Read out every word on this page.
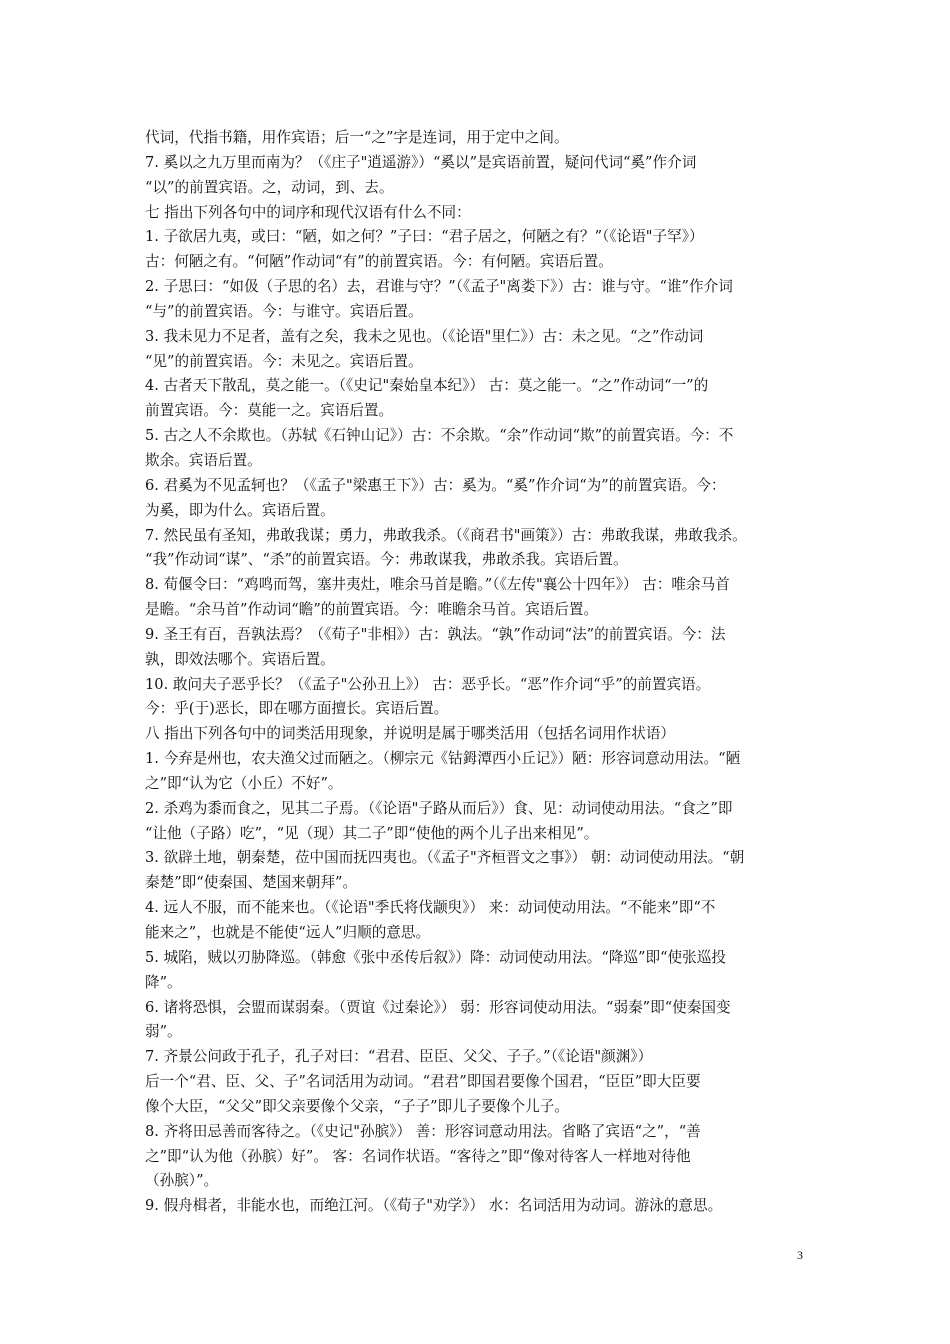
代词，代指书籍，用作宾语；后一“之”字是连词，用于定中之间。
7. 奚以之九万里而南为？（《庄子"逍遥游》）“奚以”是宾语前置，疑问代词“奚”作介词
“以”的前置宾语。之，动词，到、去。
七 指出下列各句中的词序和现代汉语有什么不同：
1. 子欲居九夷，或曰：“陋，如之何？”子曰：“君子居之，何陋之有？”（《论语"子罕》）
古：何陋之有。“何陋”作动词“有”的前置宾语。今：有何陋。宾语后置。
2. 子思曰：“如伋（子思的名）去，君谁与守？”（《孟子"离娄下》）古：谁与守。“谁”作介词
“与”的前置宾语。今：与谁守。宾语后置。
3. 我未见力不足者，盖有之矣，我未之见也。（《论语"里仁》）古：未之见。“之”作动词
“见”的前置宾语。今：未见之。宾语后置。
4. 古者天下散乱，莫之能一。（《史记"秦始皇本纪》） 古：莫之能一。“之”作动词“一”的
前置宾语。今：莫能一之。宾语后置。
5. 古之人不余欺也。（苏轼《石钟山记》）古：不余欺。“余”作动词“欺”的前置宾语。今：不
欺余。宾语后置。
6. 君奚为不见孟轲也？（《孟子"梁惠王下》）古：奚为。“奚”作介词“为”的前置宾语。今：
为奚，即为什么。宾语后置。
7. 然民虽有圣知，弗敢我谋；勇力，弗敢我杀。（《商君书"画策》）古：弗敢我谋，弗敢我杀。
“我”作动词“谋”、“杀”的前置宾语。今：弗敢谋我，弗敢杀我。宾语后置。
8. 荀偃令曰：“鸡鸣而驾，塞井夷灶，唯余马首是瞻。”（《左传"襄公十四年》） 古：唯余马首
是瞻。“余马首”作动词“瞻”的前置宾语。今：唯瞻余马首。宾语后置。
9. 圣王有百，吾孰法焉？（《荀子"非相》）古：孰法。“孰”作动词“法”的前置宾语。今：法
孰，即效法哪个。宾语后置。
10. 敢问夫子恶乎长？（《孟子"公孙丑上》） 古：恶乎长。“恶”作介词“乎”的前置宾语。
今：乎(于)恶长，即在哪方面擅长。宾语后置。
八 指出下列各句中的词类活用现象，并说明是属于哪类活用（包括名词用作状语）
1. 今弃是州也，农夫渔父过而陋之。（柳宗元《钴鉧潭西小丘记》）陋：形容词意动用法。“陋
之”即“认为它（小丘）不好”。
2. 杀鸡为黍而食之，见其二子焉。（《论语"子路从而后》）食、见：动词使动用法。“食之”即
“让他（子路）吃”，“见（现）其二子”即“使他的两个儿子出来相见”。
3. 欲辟土地，朝秦楚，莅中国而抚四夷也。（《孟子"齐桓晋文之事》） 朝：动词使动用法。“朝
秦楚”即“使秦国、楚国来朝拜”。
4. 远人不服，而不能来也。（《论语"季氏将伐颛臾》） 来：动词使动用法。“不能来”即“不
能来之”，也就是不能使“远人”归顺的意思。
5. 城陷，贼以刃胁降巡。（韩愈《张中丞传后叙》）降：动词使动用法。“降巡”即“使张巡投
降”。
6. 诸将恐惧，会盟而谋弱秦。（贾谊《过秦论》） 弱：形容词使动用法。“弱秦”即“使秦国变
弱”。
7. 齐景公问政于孔子，孔子对曰：“君君、臣臣、父父、子子。”（《论语"颜渊》）
后一个“君、臣、父、子”名词活用为动词。“君君”即国君要像个国君，“臣臣”即大臣要
像个大臣，“父父”即父亲要像个父亲，“子子”即儿子要像个儿子。
8. 齐将田忌善而客待之。（《史记"孙膑》） 善：形容词意动用法。省略了宾语“之”，“善
之”即“认为他（孙膑）好”。 客：名词作状语。“客待之”即“像对待客人一样地对待他
（孙膑）”。
9. 假舟楫者，非能水也，而绝江河。（《荀子"劝学》） 水：名词活用为动词。游泳的意思。
3
